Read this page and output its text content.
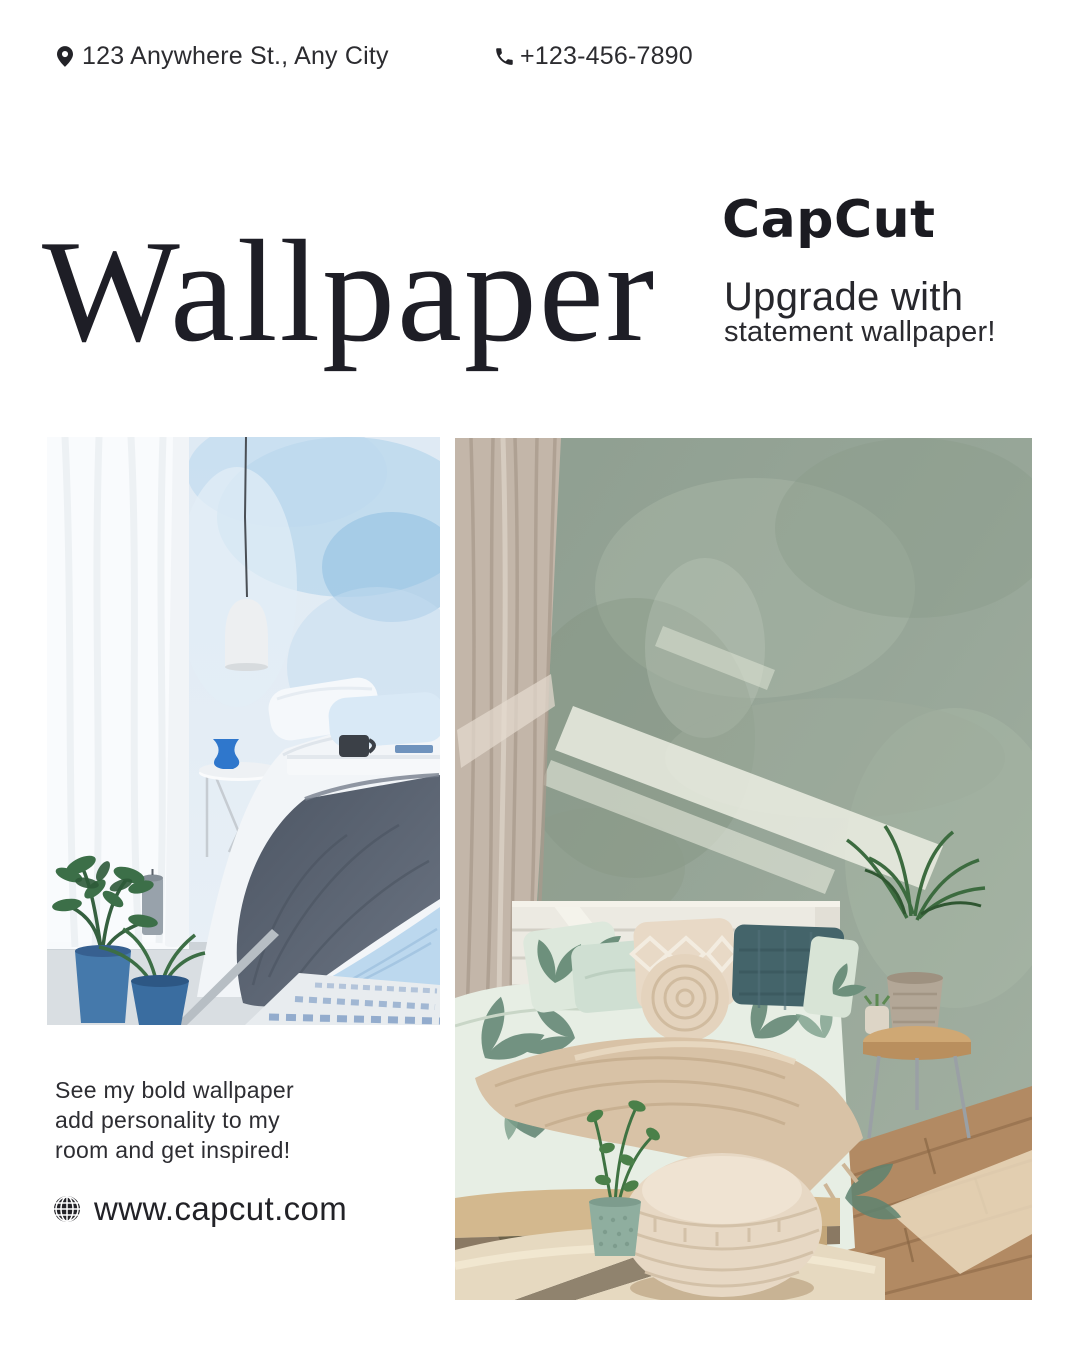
123 Anywhere St., Any City	+123-456-7890
CapCut
Wallpaper Upgrade with
statement wallpaper!
See my bold wallpaper
add personality to my
room and get inspired!
www.capcut.com
